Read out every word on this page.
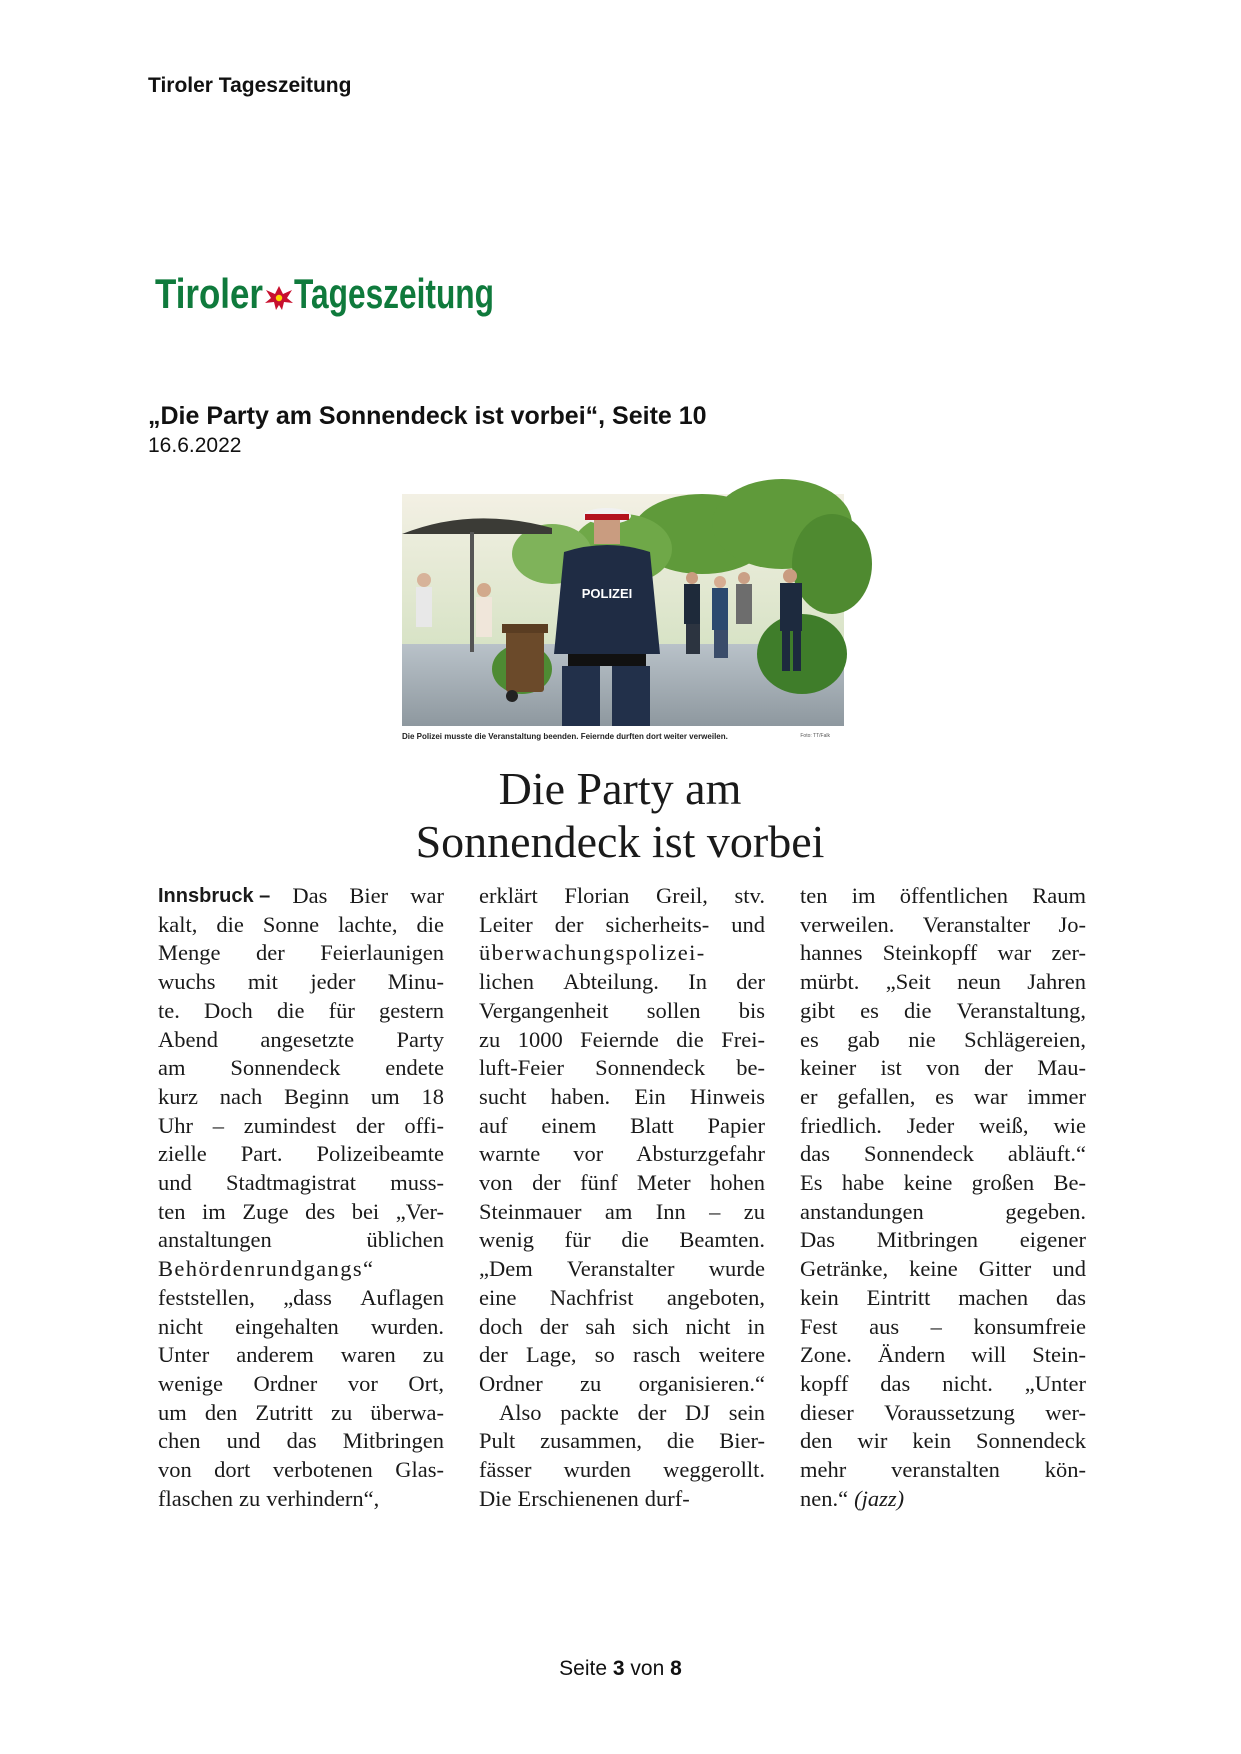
Tiroler Tageszeitung
Tiroler Tageszeitung
„Die Party am Sonnendeck ist vorbei“, Seite 10
16.6.2022
POLIZEI
Die Polizei musste die Veranstaltung beenden. Feiernde durften dort weiter verweilen.	Foto: TT/Falk
Die Party am
Sonnendeck ist vorbei
Innsbruck – Das Bier war
kalt, die Sonne lachte, die
Menge der Feierlaunigen
wuchs mit jeder Minu-
te. Doch die für gestern
Abend angesetzte Party
am Sonnendeck endete
kurz nach Beginn um 18
Uhr – zumindest der offi-
zielle Part. Polizeibeamte
und Stadtmagistrat muss-
ten im Zuge des bei „Ver-
anstaltungen	üblichen
Behördenrundgangs“
feststellen, „dass Auflagen
nicht eingehalten wurden.
Unter anderem waren zu
wenige Ordner vor Ort,
um den Zutritt zu überwa-
chen und das Mitbringen
von dort verbotenen Glas-
flaschen zu verhindern“,
erklärt Florian Greil, stv.
Leiter der sicherheits- und
überwachungspolizei-
lichen Abteilung. In der
Vergangenheit sollen bis
zu 1000 Feiernde die Frei-
luft-Feier Sonnendeck be-
sucht haben. Ein Hinweis
auf einem Blatt Papier
warnte vor Absturzgefahr
von der fünf Meter hohen
Steinmauer am Inn – zu
wenig für die Beamten.
„Dem Veranstalter wurde
eine Nachfrist angeboten,
doch der sah sich nicht in
der Lage, so rasch weitere
Ordner zu organisieren.“
Also packte der DJ sein
Pult zusammen, die Bier-
fässer wurden weggerollt.
Die Erschienenen durf-
ten im öffentlichen Raum
verweilen. Veranstalter Jo-
hannes Steinkopff war zer-
mürbt. „Seit neun Jahren
gibt es die Veranstaltung,
es gab nie Schlägereien,
keiner ist von der Mau-
er gefallen, es war immer
friedlich. Jeder weiß, wie
das Sonnendeck abläuft.“
Es habe keine großen Be-
anstandungen	gegeben.
Das Mitbringen eigener
Getränke, keine Gitter und
kein Eintritt machen das
Fest aus – konsumfreie
Zone. Ändern will Stein-
kopff das nicht. „Unter
dieser Voraussetzung wer-
den wir kein Sonnendeck
mehr veranstalten kön-
nen.“ (jazz)
Seite 3 von 8
